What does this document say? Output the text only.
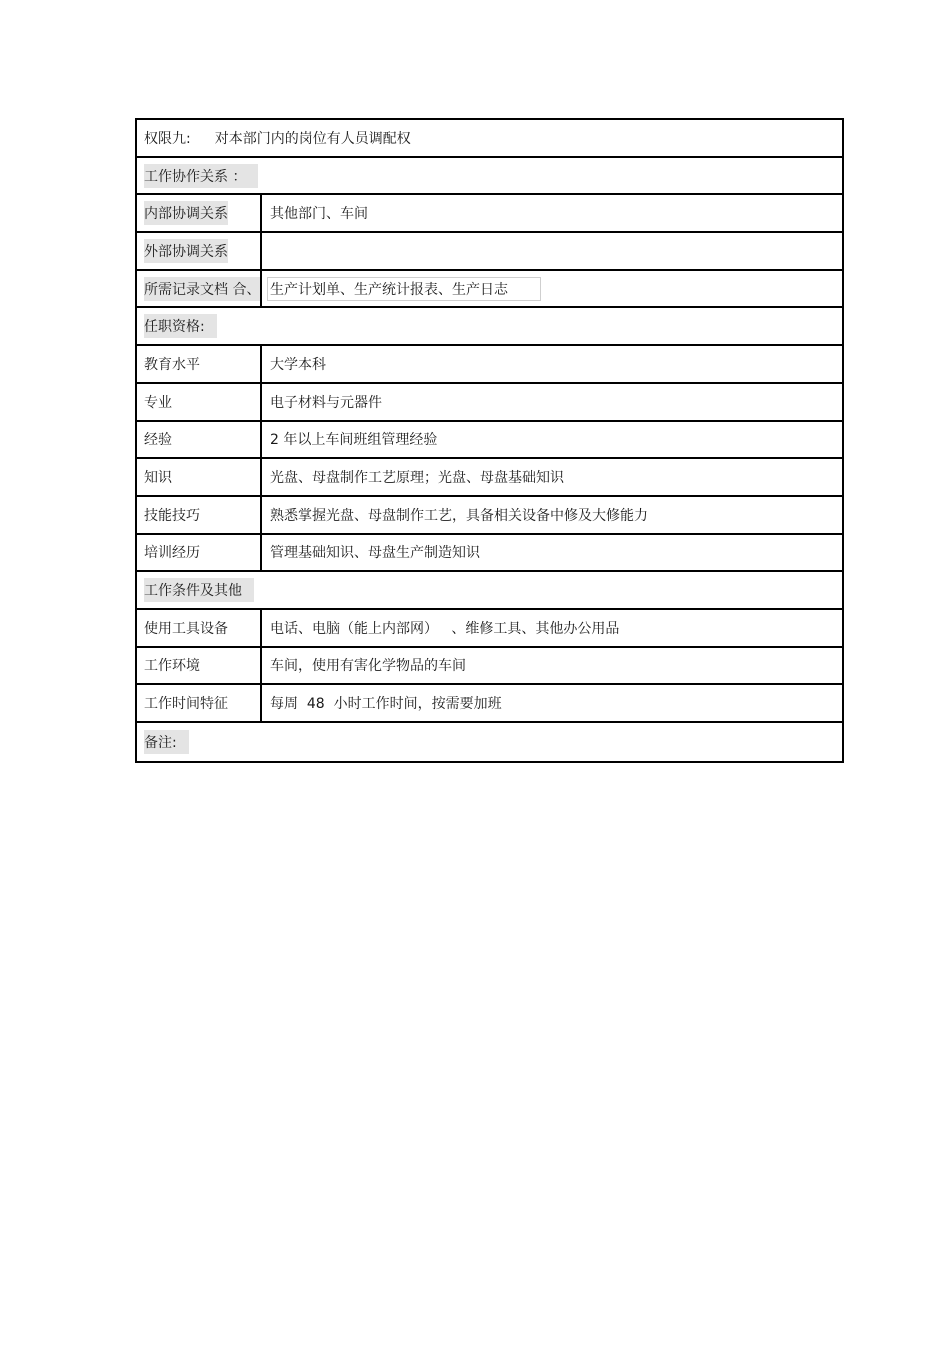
权限九: 对本部门内的岗位有人员调配权
工作协作关系 ：
内部协调关系	其他部门、车间
外部协调关系
所需记录文档 合、 生产计划单、生产统计报表、生产日志
任职资格:
教育水平	大学本科
专业	电子材料与元器件
经验	2 年以上车间班组管理经验
知识	光盘、母盘制作工艺原理；光盘、母盘基础知识
技能技巧	熟悉掌握光盘、母盘制作工艺，具备相关设备中修及大修能力
培训经历	管理基础知识、母盘生产制造知识
工作条件及其他
使用工具设备	电话、电脑（能上内部网）   、维修工具、其他办公用品
工作环境	车间，使用有害化学物品的车间
工作时间特征	每周  48  小时工作时间，按需要加班
备注:
